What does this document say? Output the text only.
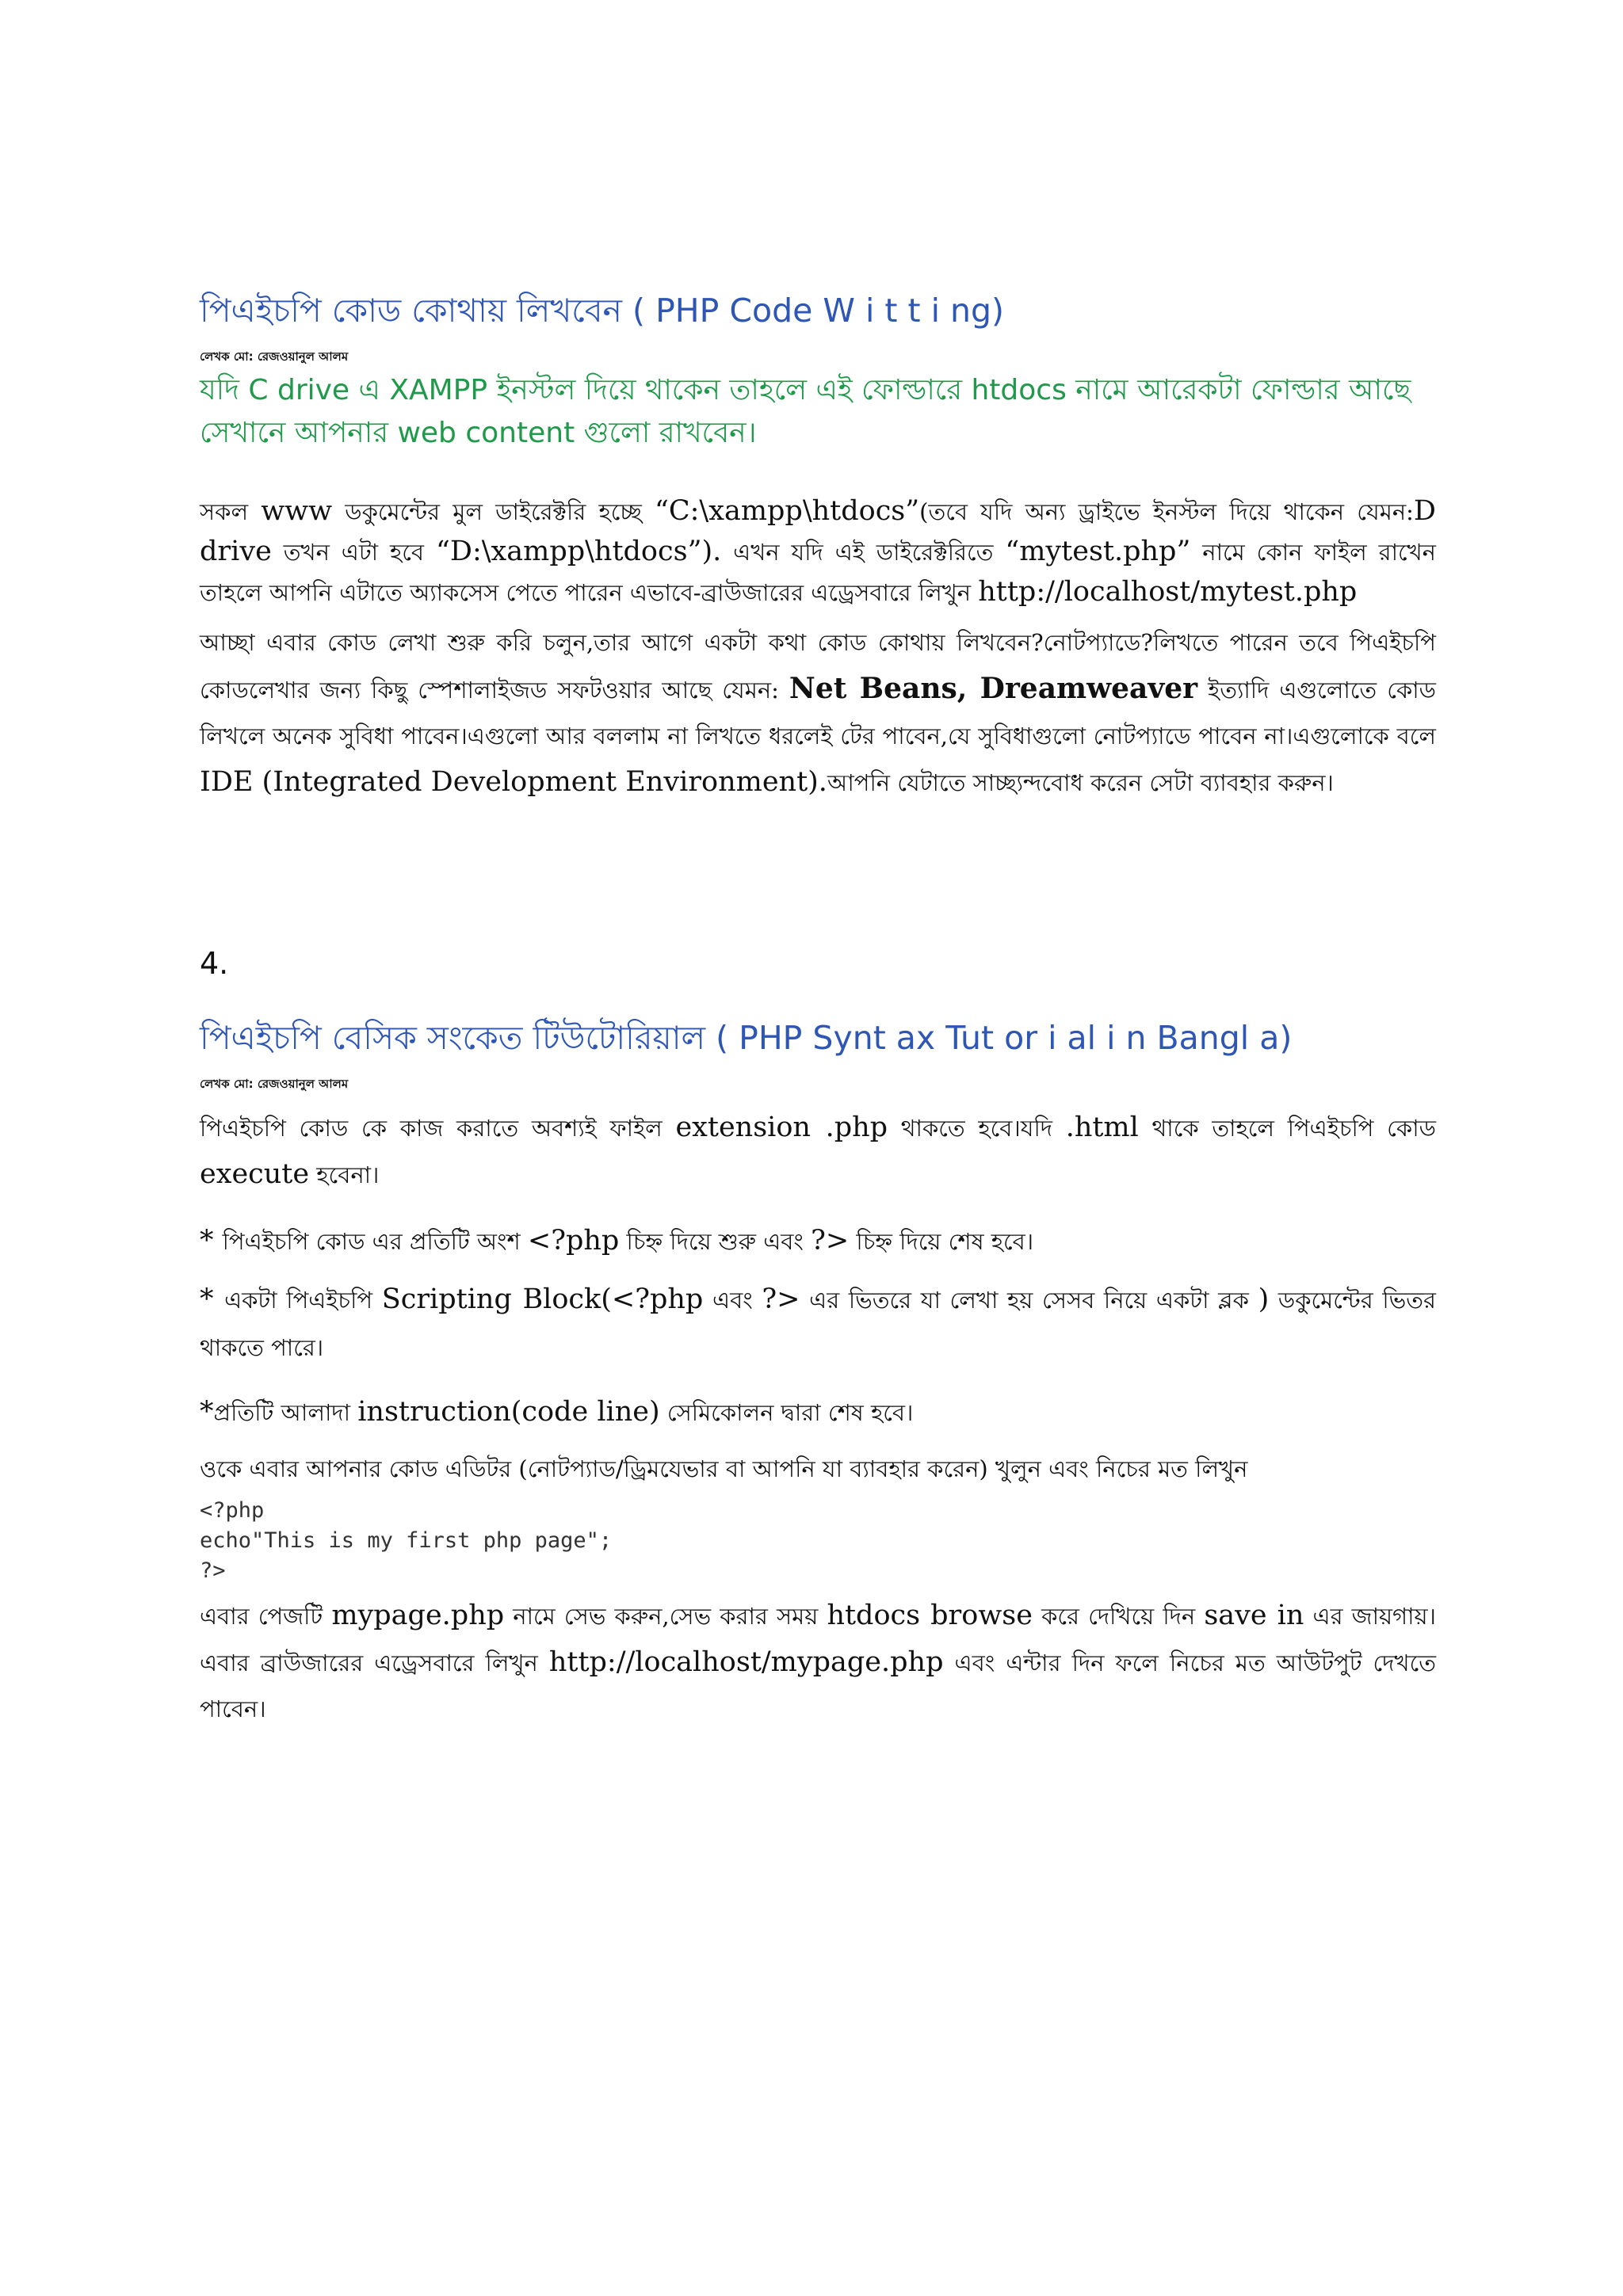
পিএইচপি কোড কোথায় লিখবেন ( PHP Code W i t t i ng)
লেখক মো: রেজওয়ানুল আলম
যদি C drive এ XAMPP ইনস্টল দিয়ে থাকেন তাহলে এই ফোল্ডারে htdocs নামে আরেকটা ফোল্ডার আছে সেখানে আপনার web content গুলো রাখবেন।

সকল www ডকুমেন্টের মুল ডাইরেক্টরি হচ্ছে “C:\xampp\htdocs”(তবে যদি অন্য ড্রাইভে ইনস্টল দিয়ে থাকেন যেমন:D drive তখন এটা হবে “D:\xampp\htdocs”). এখন যদি এই ডাইরেক্টরিতে “mytest.php” নামে কোন ফাইল রাখেন তাহলে আপনি এটাতে অ্যাকসেস পেতে পারেন এভাবে-ব্রাউজারের এড্রেসবারে লিখুন http://localhost/mytest.php

আচ্ছা এবার কোড লেখা শুরু করি চলুন,তার আগে একটা কথা কোড কোথায় লিখবেন?নোটপ্যাডে?লিখতে পারেন তবে পিএইচপি কোডলেখার জন্য কিছু স্পেশালাইজড সফটওয়ার আছে যেমন: Net Beans, Dreamweaver ইত্যাদি এগুলোতে কোড লিখলে অনেক সুবিধা পাবেন।এগুলো আর বললাম না লিখতে ধরলেই টের পাবেন,যে সুবিধাগুলো নোটপ্যাডে পাবেন না।এগুলোকে বলে IDE (Integrated Development Environment).আপনি যেটাতে সাচ্ছ্যন্দবোধ করেন সেটা ব্যাবহার করুন।

4.
পিএইচপি বেসিক সংকেত টিউটোরিয়াল ( PHP Synt ax Tut or i al i n Bangl a)
লেখক মো: রেজওয়ানুল আলম

পিএইচপি কোড কে কাজ করাতে অবশ্যই ফাইল extension .php থাকতে হবে।যদি .html থাকে তাহলে পিএইচপি কোড execute হবেনা।

* পিএইচপি কোড এর প্রতিটি অংশ <?php চিহ্ন দিয়ে শুরু এবং ?> চিহ্ন দিয়ে শেষ হবে।

* একটা পিএইচপি Scripting Block(<?php এবং ?> এর ভিতরে যা লেখা হয় সেসব নিয়ে একটা ব্লক ) ডকুমেন্টের ভিতর থাকতে পারে।

*প্রতিটি আলাদা instruction(code line) সেমিকোলন দ্বারা শেষ হবে।

ওকে এবার আপনার কোড এডিটর (নোটপ্যাড/ড্রিমযেভার বা আপনি যা ব্যাবহার করেন) খুলুন এবং নিচের মত লিখুন

<?php
echo"This is my first php page";
?>

এবার পেজটি mypage.php নামে সেভ করুন,সেভ করার সময় htdocs browse করে দেখিয়ে দিন save in এর জায়গায়।এবার ব্রাউজারের এড্রেসবারে লিখুন http://localhost/mypage.php এবং এন্টার দিন ফলে নিচের মত আউটপুট দেখতে পাবেন।
